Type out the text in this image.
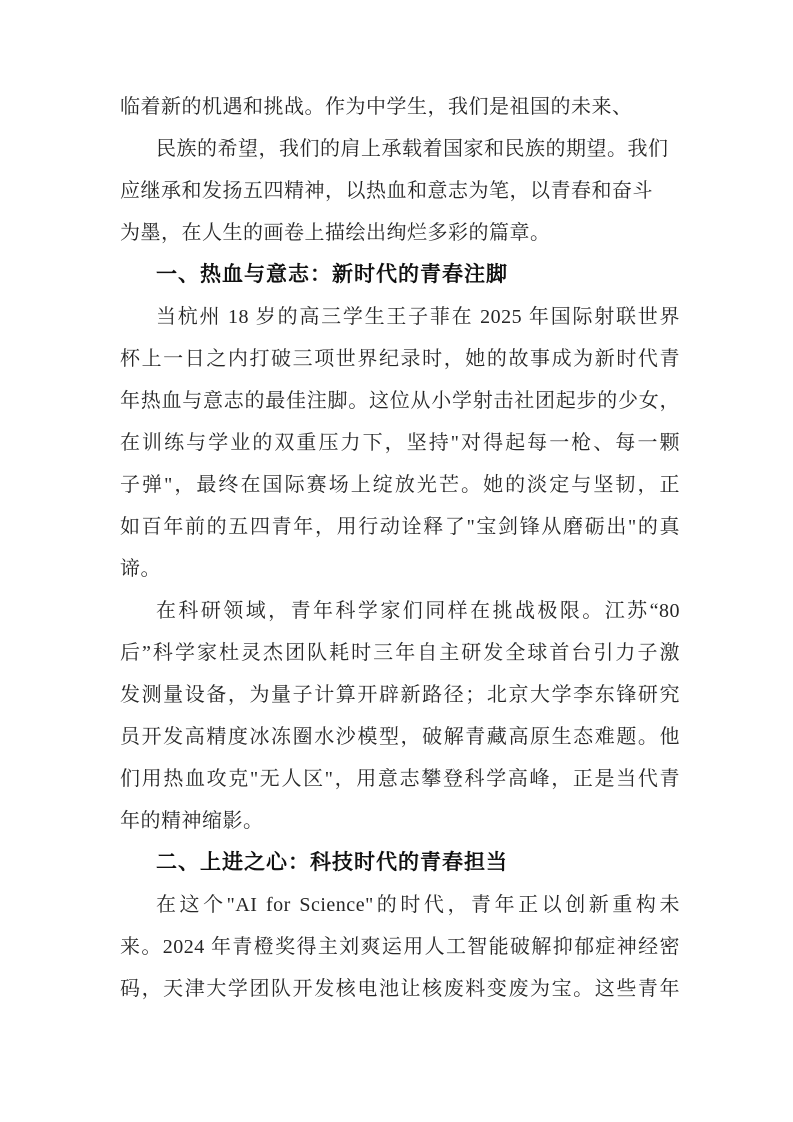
临着新的机遇和挑战。作为中学生，我们是祖国的未来、
民族的希望，我们的肩上承载着国家和民族的期望。我们
应继承和发扬五四精神，以热血和意志为笔，以青春和奋斗
为墨，在人生的画卷上描绘出绚烂多彩的篇章。
一、热血与意志：新时代的青春注脚
当杭州 18 岁的高三学生王子菲在 2025 年国际射联世界
杯上一日之内打破三项世界纪录时，她的故事成为新时代青
年热血与意志的最佳注脚。这位从小学射击社团起步的少女，
在训练与学业的双重压力下，坚持"对得起每一枪、每一颗
子弹"，最终在国际赛场上绽放光芒。她的淡定与坚韧，正
如百年前的五四青年，用行动诠释了"宝剑锋从磨砺出"的真
谛。
在科研领域，青年科学家们同样在挑战极限。江苏“80
后”科学家杜灵杰团队耗时三年自主研发全球首台引力子激
发测量设备，为量子计算开辟新路径；北京大学李东锋研究
员开发高精度冰冻圈水沙模型，破解青藏高原生态难题。他
们用热血攻克"无人区"，用意志攀登科学高峰，正是当代青
年的精神缩影。
二、上进之心：科技时代的青春担当
在这个"AI for Science"的时代，青年正以创新重构未
来。2024 年青橙奖得主刘爽运用人工智能破解抑郁症神经密
码，天津大学团队开发核电池让核废料变废为宝。这些青年
